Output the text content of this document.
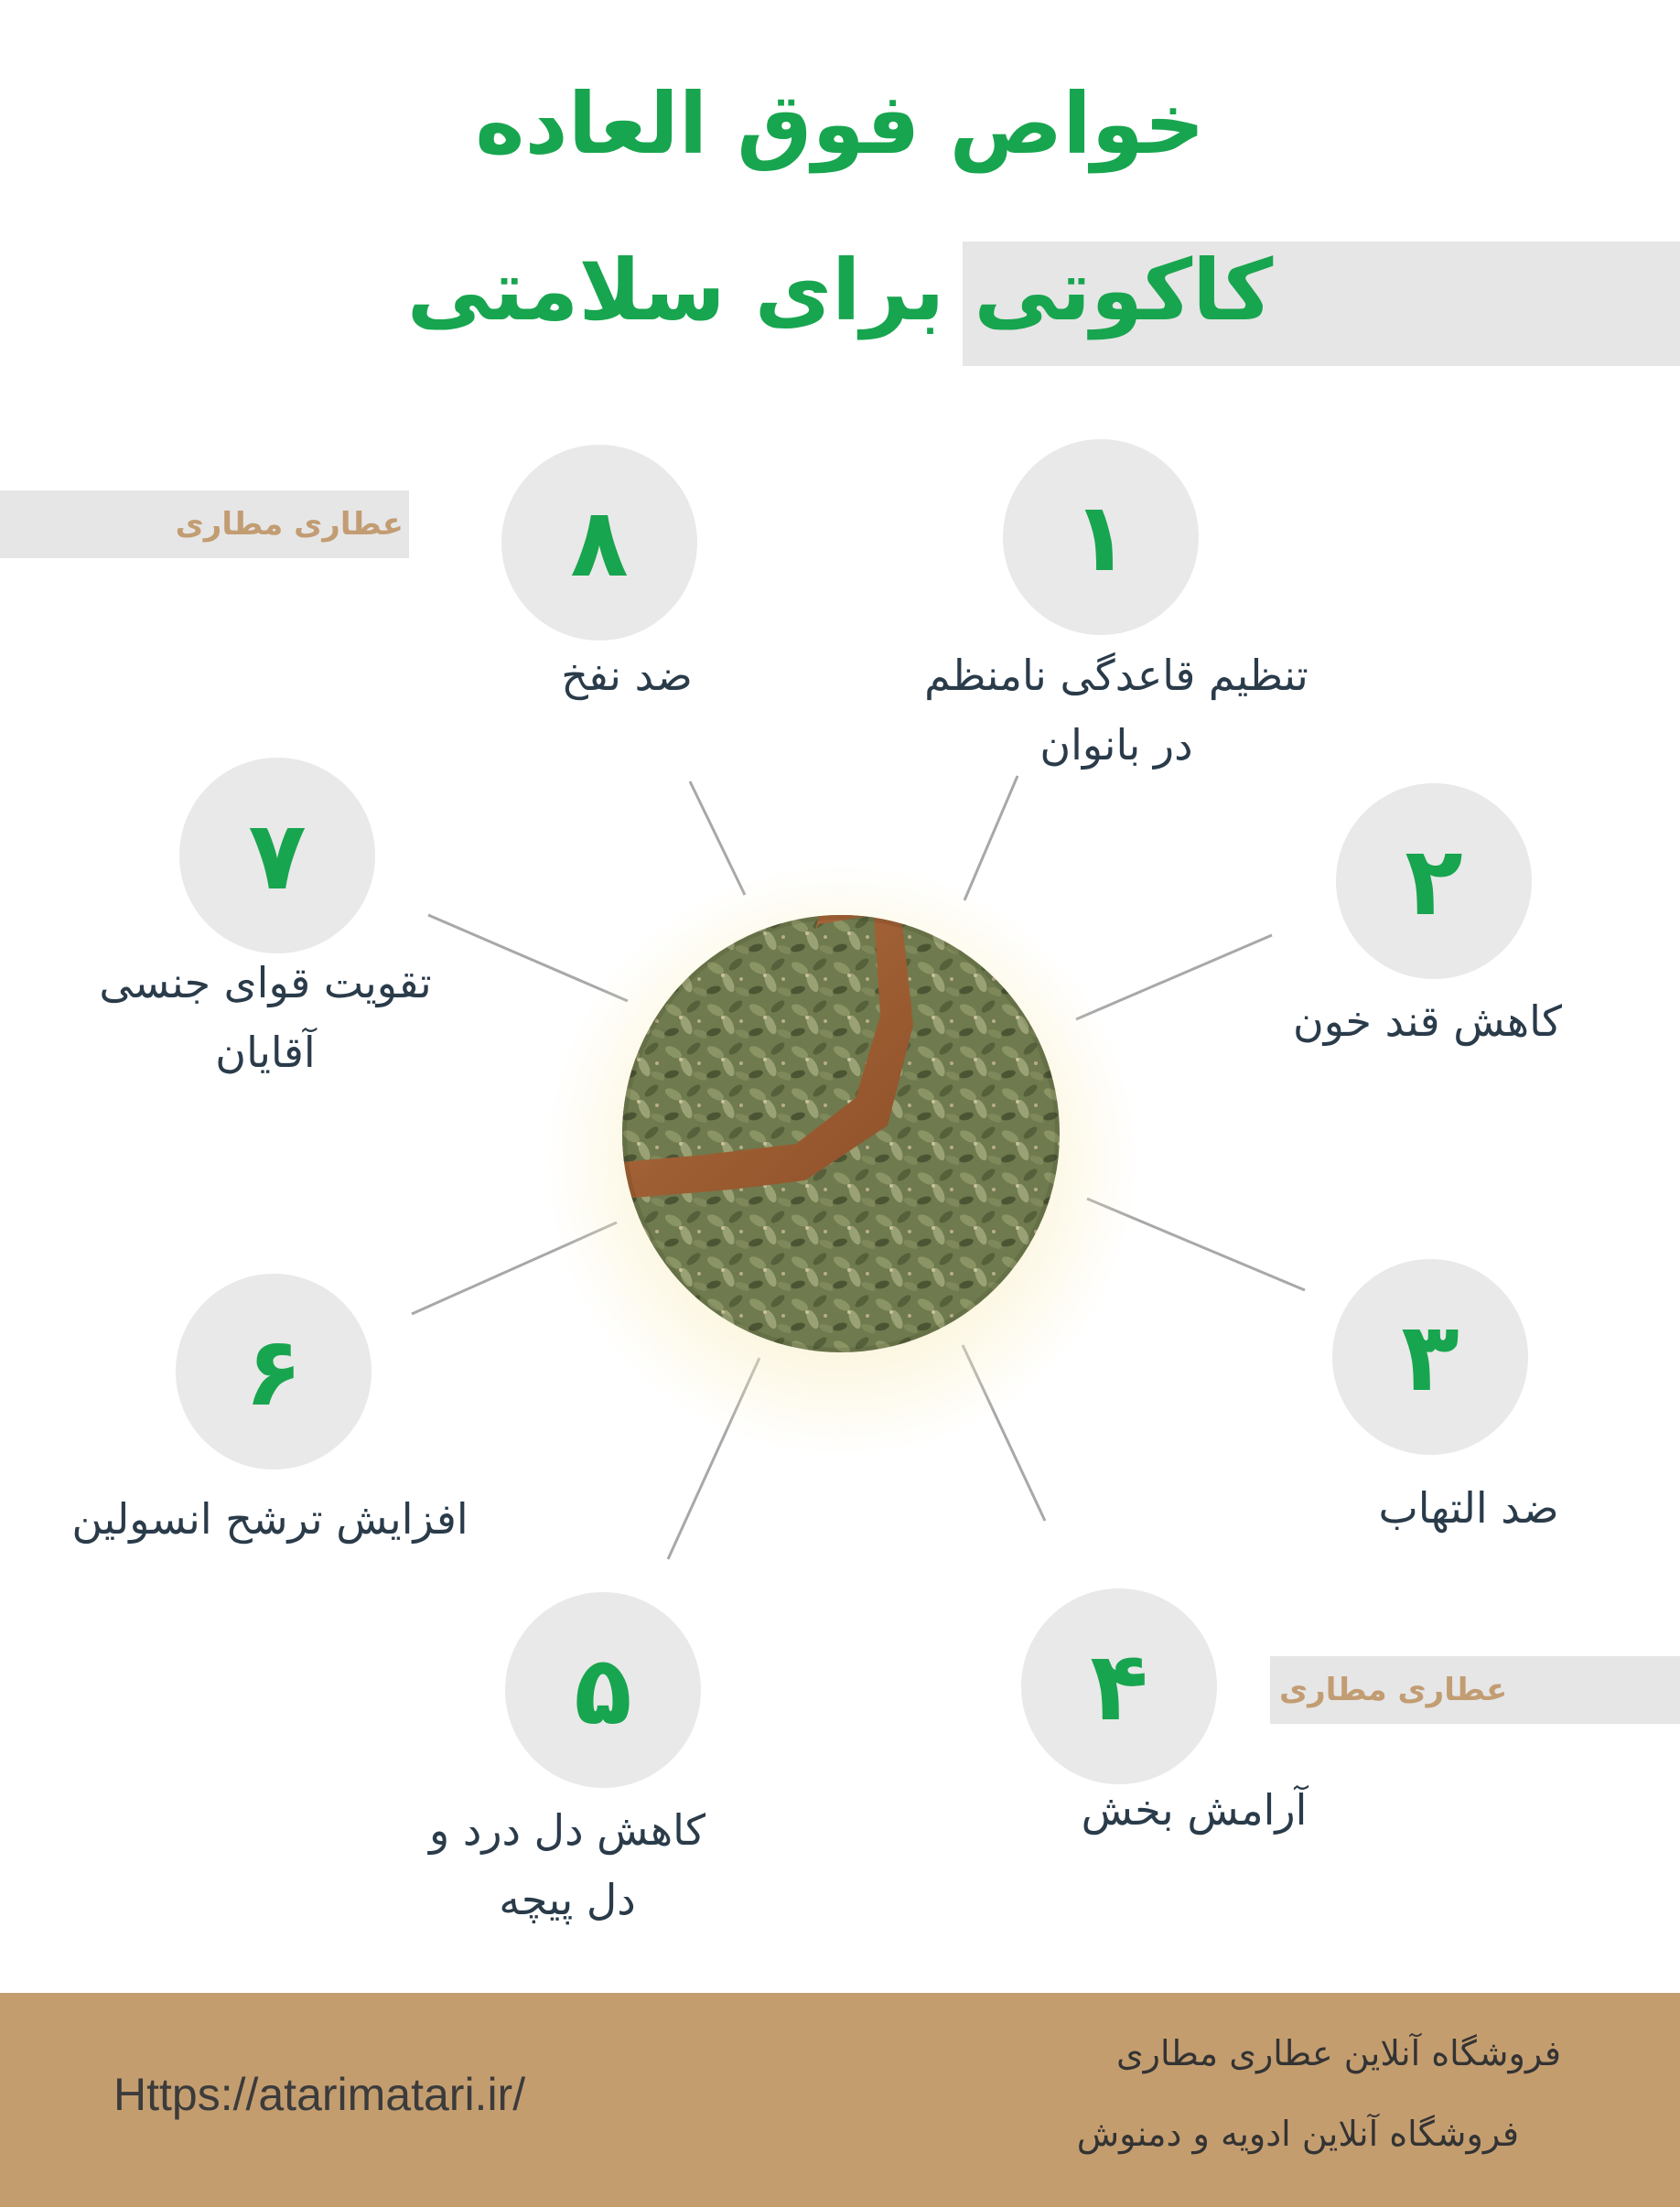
خواص فوق العاده
کاکوتی برای سلامتی
عطاری مطاری
عطاری مطاری
۱
تنظیم قاعدگی نامنظم
در بانوان
۲
کاهش قند خون
۳
ضد التهاب
۴
آرامش بخش
۵
کاهش دل درد و
دل پیچه
۶
افزایش ترشح انسولین
۷
تقویت قوای جنسی
آقایان
۸
ضد نفخ
Https://atarimatari.ir/
فروشگاه آنلاین عطاری مطاری
فروشگاه آنلاین ادویه و دمنوش
